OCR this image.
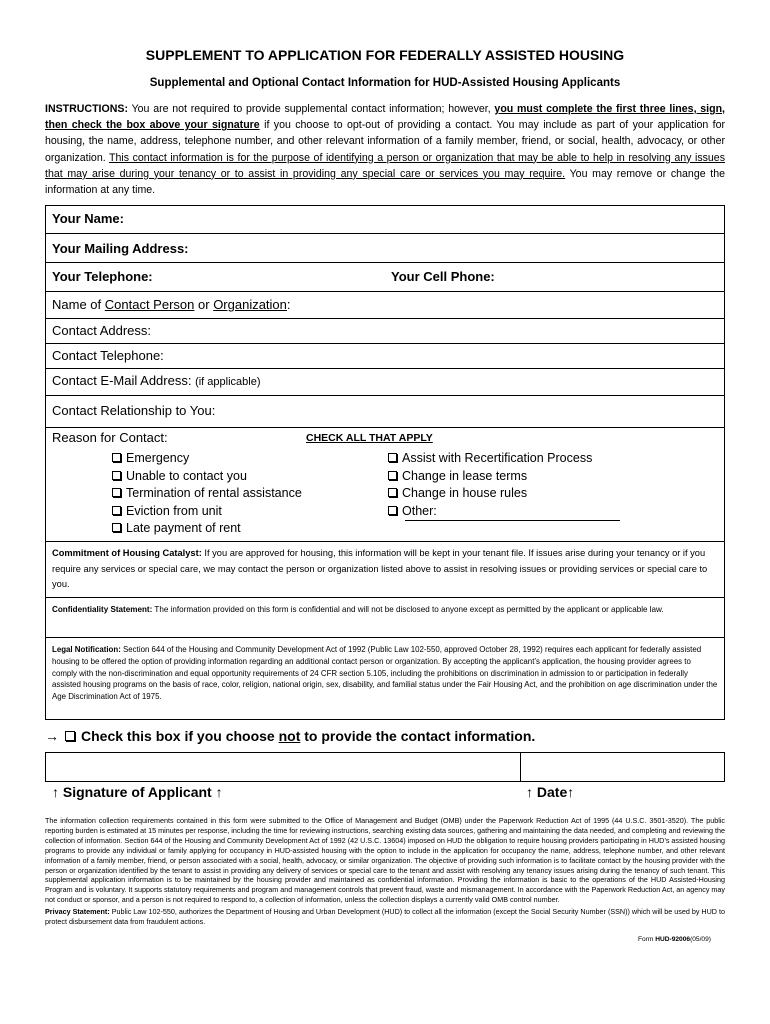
SUPPLEMENT TO APPLICATION FOR FEDERALLY ASSISTED HOUSING
Supplemental and Optional Contact Information for HUD-Assisted Housing Applicants
INSTRUCTIONS: You are not required to provide supplemental contact information; however, you must complete the first three lines, sign, then check the box above your signature if you choose to opt-out of providing a contact. You may include as part of your application for housing, the name, address, telephone number, and other relevant information of a family member, friend, or social, health, advocacy, or other organization. This contact information is for the purpose of identifying a person or organization that may be able to help in resolving any issues that may arise during your tenancy or to assist in providing any special care or services you may require. You may remove or change the information at any time.
Your Name:
Your Mailing Address:
Your Telephone:	Your Cell Phone:
Name of Contact Person or Organization:
Contact Address:
Contact Telephone:
Contact E-Mail Address: (if applicable)
Contact Relationship to You:
Reason for Contact:	CHECK ALL THAT APPLY
Emergency
Unable to contact you
Termination of rental assistance
Eviction from unit
Late payment of rent
Assist with Recertification Process
Change in lease terms
Change in house rules
Other:
Commitment of Housing Catalyst: If you are approved for housing, this information will be kept in your tenant file. If issues arise during your tenancy or if you require any services or special care, we may contact the person or organization listed above to assist in resolving issues or providing services or special care to you.
Confidentiality Statement: The information provided on this form is confidential and will not be disclosed to anyone except as permitted by the applicant or applicable law.
Legal Notification: Section 644 of the Housing and Community Development Act of 1992 (Public Law 102-550, approved October 28, 1992) requires each applicant for federally assisted housing to be offered the option of providing information regarding an additional contact person or organization. By accepting the applicant’s application, the housing provider agrees to comply with the non-discrimination and equal opportunity requirements of 24 CFR section 5.105, including the prohibitions on discrimination in admission to or participation in federally assisted housing programs on the basis of race, color, religion, national origin, sex, disability, and familial status under the Fair Housing Act, and the prohibition on age discrimination under the Age Discrimination Act of 1975.
→ Check this box if you choose not to provide the contact information.
↑ Signature of Applicant ↑	↑ Date↑
The information collection requirements contained in this form were submitted to the Office of Management and Budget (OMB) under the Paperwork Reduction Act of 1995 (44 U.S.C. 3501-3520). The public reporting burden is estimated at 15 minutes per response, including the time for reviewing instructions, searching existing data sources, gathering and maintaining the data needed, and completing and reviewing the collection of information. Section 644 of the Housing and Community Development Act of 1992 (42 U.S.C. 13604) imposed on HUD the obligation to require housing providers participating in HUD’s assisted housing programs to provide any individual or family applying for occupancy in HUD-assisted housing with the option to include in the application for occupancy the name, address, telephone number, and other relevant information of a family member, friend, or person associated with a social, health, advocacy, or similar organization. The objective of providing such information is to facilitate contact by the housing provider with the person or organization identified by the tenant to assist in providing any delivery of services or special care to the tenant and assist with resolving any tenancy issues arising during the tenancy of such tenant. This supplemental application information is to be maintained by the housing provider and maintained as confidential information. Providing the information is basic to the operations of the HUD Assisted-Housing Program and is voluntary. It supports statutory requirements and program and management controls that prevent fraud, waste and mismanagement. In accordance with the Paperwork Reduction Act, an agency may not conduct or sponsor, and a person is not required to respond to, a collection of information, unless the collection displays a currently valid OMB control number.
Privacy Statement: Public Law 102-550, authorizes the Department of Housing and Urban Development (HUD) to collect all the information (except the Social Security Number (SSN)) which will be used by HUD to protect disbursement data from fraudulent actions.
Form HUD-92006(05/09)
